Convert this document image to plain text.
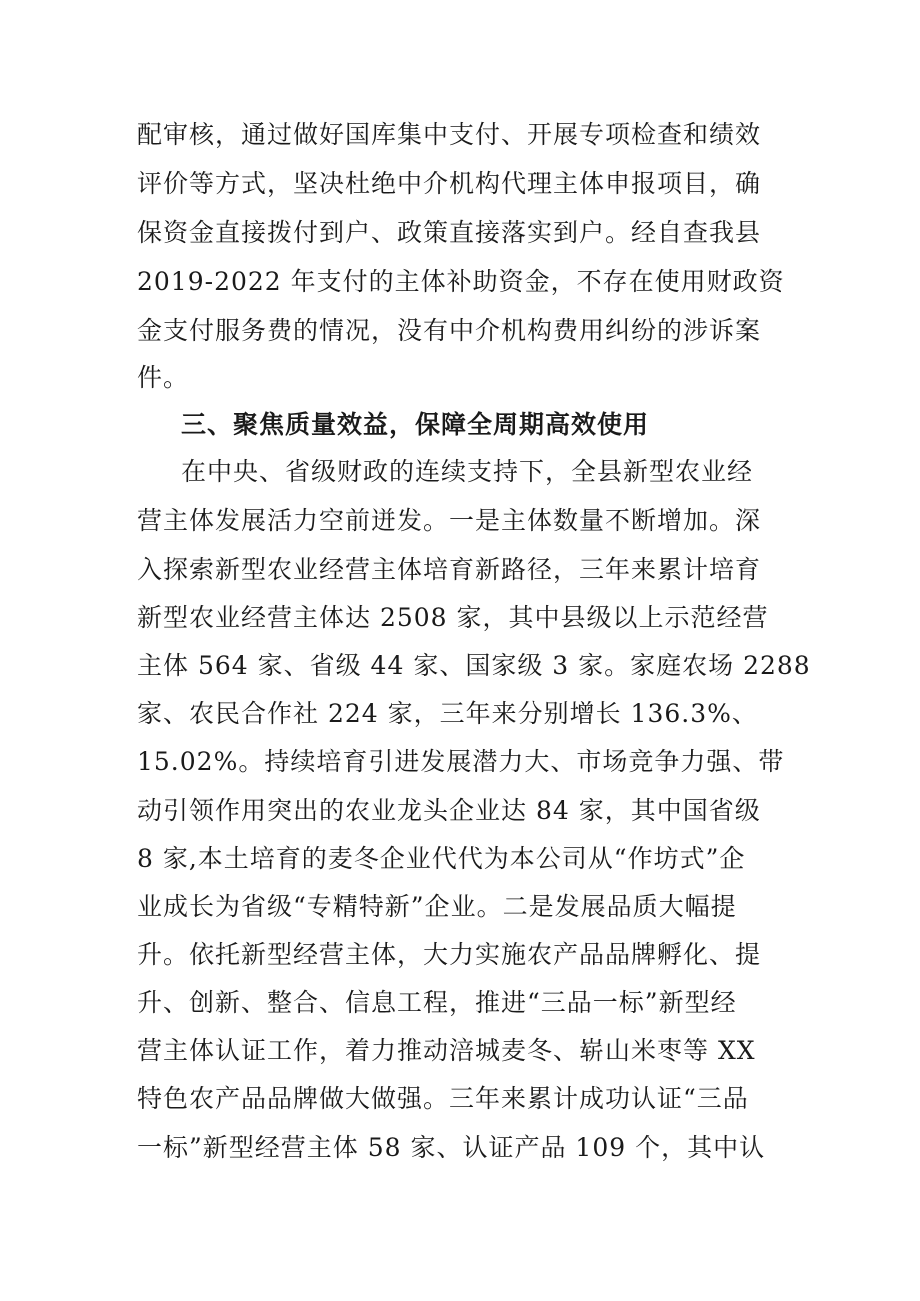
配审核，通过做好国库集中支付、开展专项检查和绩效
评价等方式，坚决杜绝中介机构代理主体申报项目，确
保资金直接拨付到户、政策直接落实到户。经自查我县
2019-2022 年支付的主体补助资金，不存在使用财政资
金支付服务费的情况，没有中介机构费用纠纷的涉诉案
件。
三、聚焦质量效益，保障全周期高效使用
在中央、省级财政的连续支持下，全县新型农业经
营主体发展活力空前迸发。一是主体数量不断增加。深
入探索新型农业经营主体培育新路径，三年来累计培育
新型农业经营主体达 2508 家，其中县级以上示范经营
主体 564 家、省级 44 家、国家级 3 家。家庭农场 2288
家、农民合作社 224 家，三年来分别增长 136.3%、
15.02%。持续培育引进发展潜力大、市场竞争力强、带
动引领作用突出的农业龙头企业达 84 家，其中国省级
8 家,本土培育的麦冬企业代代为本公司从“作坊式”企
业成长为省级“专精特新”企业。二是发展品质大幅提
升。依托新型经营主体，大力实施农产品品牌孵化、提
升、创新、整合、信息工程，推进“三品一标”新型经
营主体认证工作，着力推动涪城麦冬、崭山米枣等 XX
特色农产品品牌做大做强。三年来累计成功认证“三品
一标”新型经营主体 58 家、认证产品 109 个，其中认
